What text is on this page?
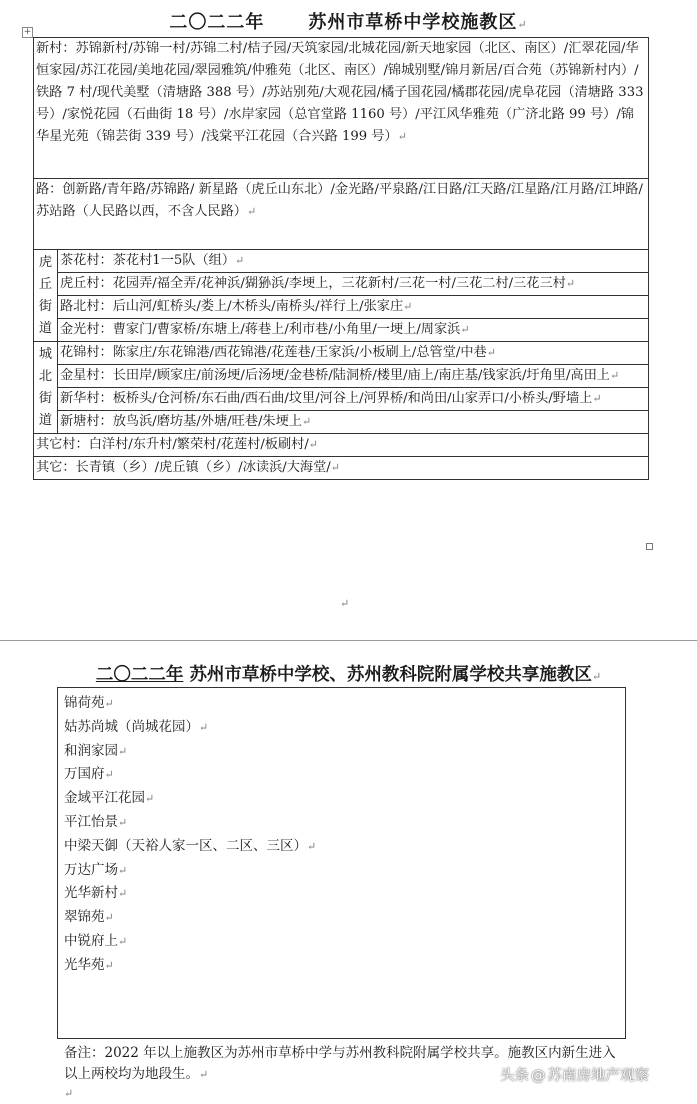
二〇二二年 苏州市草桥中学校施教区↵
+
新村：苏锦新村/苏锦一村/苏锦二村/桔子园/天筑家园/北城花园/新天地家园（北区、南区）/汇翠花园/华恒家园/苏江花园/美地花园/翠园雅筑/仲雅苑（北区、南区）/锦城别墅/锦月新居/百合苑（苏锦新村内）/铁路 7 村/现代美墅（清塘路 388 号）/苏站别苑/大观花园/橘子国花园/橘郡花园/虎阜花园（清塘路 333 号）/家悦花园（石曲街 18 号）/水岸家园（总官堂路 1160 号）/平江风华雅苑（广济北路 99 号）/锦华星光苑（锦芸街 339 号）/浅棠平江花园（合兴路 199 号）↵	
路：创新路/青年路/苏锦路/ 新星路（虎丘山东北）/金光路/平泉路/江日路/江天路/江星路/江月路/江坤路/苏站路（人民路以西，不含人民路）↵	

虎
丘
街
道	茶花村：茶花村1一5队（组）↵
	虎丘村：花园弄/福全弄/花神浜/猢狲浜/李埂上，三花新村/三花一村/三花二村/三花三村↵
	路北村：后山河/虹桥头/娄上/木桥头/南桥头/祥行上/张家庄↵
	金光村：曹家门/曹家桥/东塘上/蒋巷上/利市巷/小角里/一埂上/周家浜↵

城
北
街
道	花锦村：陈家庄/东花锦港/西花锦港/花莲巷/王家浜/小板刷上/总管堂/中巷↵
	金星村：长田岸/顾家庄/前汤埂/后汤埂/金巷桥/陆洞桥/楼里/庙上/南庄基/钱家浜/圩角里/高田上↵
	新华村：板桥头/仓河桥/东石曲/西石曲/坟里/河谷上/河界桥/和尚田/山家弄口/小桥头/野墙上↵
	新塘村：放鸟浜/磨坊基/外塘/旺巷/朱埂上↵
其它村：白洋村/东升村/繁荣村/花莲村/板刷村/↵	
其它：长青镇（乡）/虎丘镇（乡）/冰读浜/大海堂/↵	
↵
二〇二二年 苏州市草桥中学校、苏州教科院附属学校共享施教区↵
锦荷苑↵
姑苏尚城（尚城花园）↵
和润家园↵
万国府↵
金域平江花园↵
平江怡景↵
中梁天御（天裕人家一区、二区、三区）↵
万达广场↵
光华新村↵
翠锦苑↵
中锐府上↵
光华苑↵
备注：2022 年以上施教区为苏州市草桥中学与苏州教科院附属学校共享。施教区内新生进入以上两校均为地段生。↵
↵
头条 @ 苏南房地产观察
